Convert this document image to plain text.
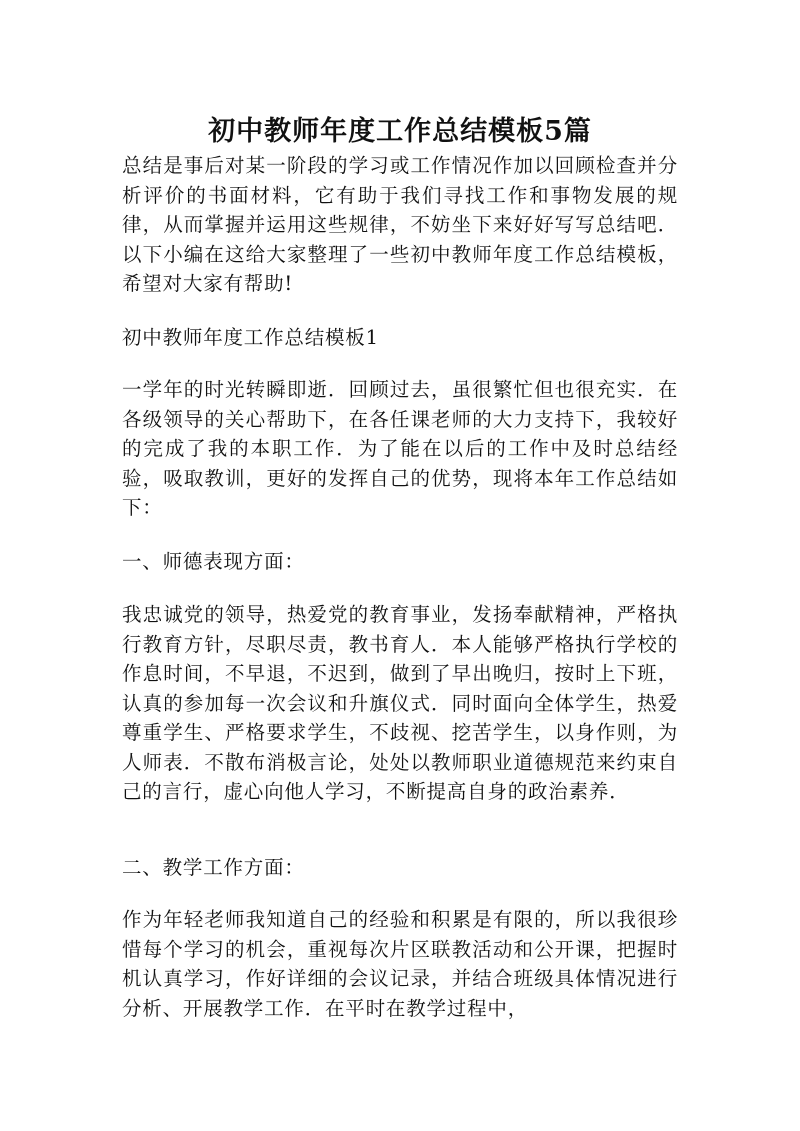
初中教师年度工作总结模板5篇

总结是事后对某一阶段的学习或工作情况作加以回顾检查并分析评价的书面材料，它有助于我们寻找工作和事物发展的规律，从而掌握并运用这些规律，不妨坐下来好好写写总结吧．以下小编在这给大家整理了一些初中教师年度工作总结模板，希望对大家有帮助!

初中教师年度工作总结模板1

一学年的时光转瞬即逝．回顾过去，虽很繁忙但也很充实．在各级领导的关心帮助下，在各任课老师的大力支持下，我较好的完成了我的本职工作．为了能在以后的工作中及时总结经验，吸取教训，更好的发挥自己的优势，现将本年工作总结如下：

一、师德表现方面：

我忠诚党的领导，热爱党的教育事业，发扬奉献精神，严格执行教育方针，尽职尽责，教书育人．本人能够严格执行学校的作息时间，不早退，不迟到，做到了早出晚归，按时上下班，认真的参加每一次会议和升旗仪式．同时面向全体学生，热爱尊重学生、严格要求学生，不歧视、挖苦学生，以身作则，为人师表．不散布消极言论，处处以教师职业道德规范来约束自己的言行，虚心向他人学习，不断提高自身的政治素养．

二、教学工作方面：

作为年轻老师我知道自己的经验和积累是有限的，所以我很珍惜每个学习的机会，重视每次片区联教活动和公开课，把握时机认真学习，作好详细的会议记录，并结合班级具体情况进行分析、开展教学工作．在平时在教学过程中，
